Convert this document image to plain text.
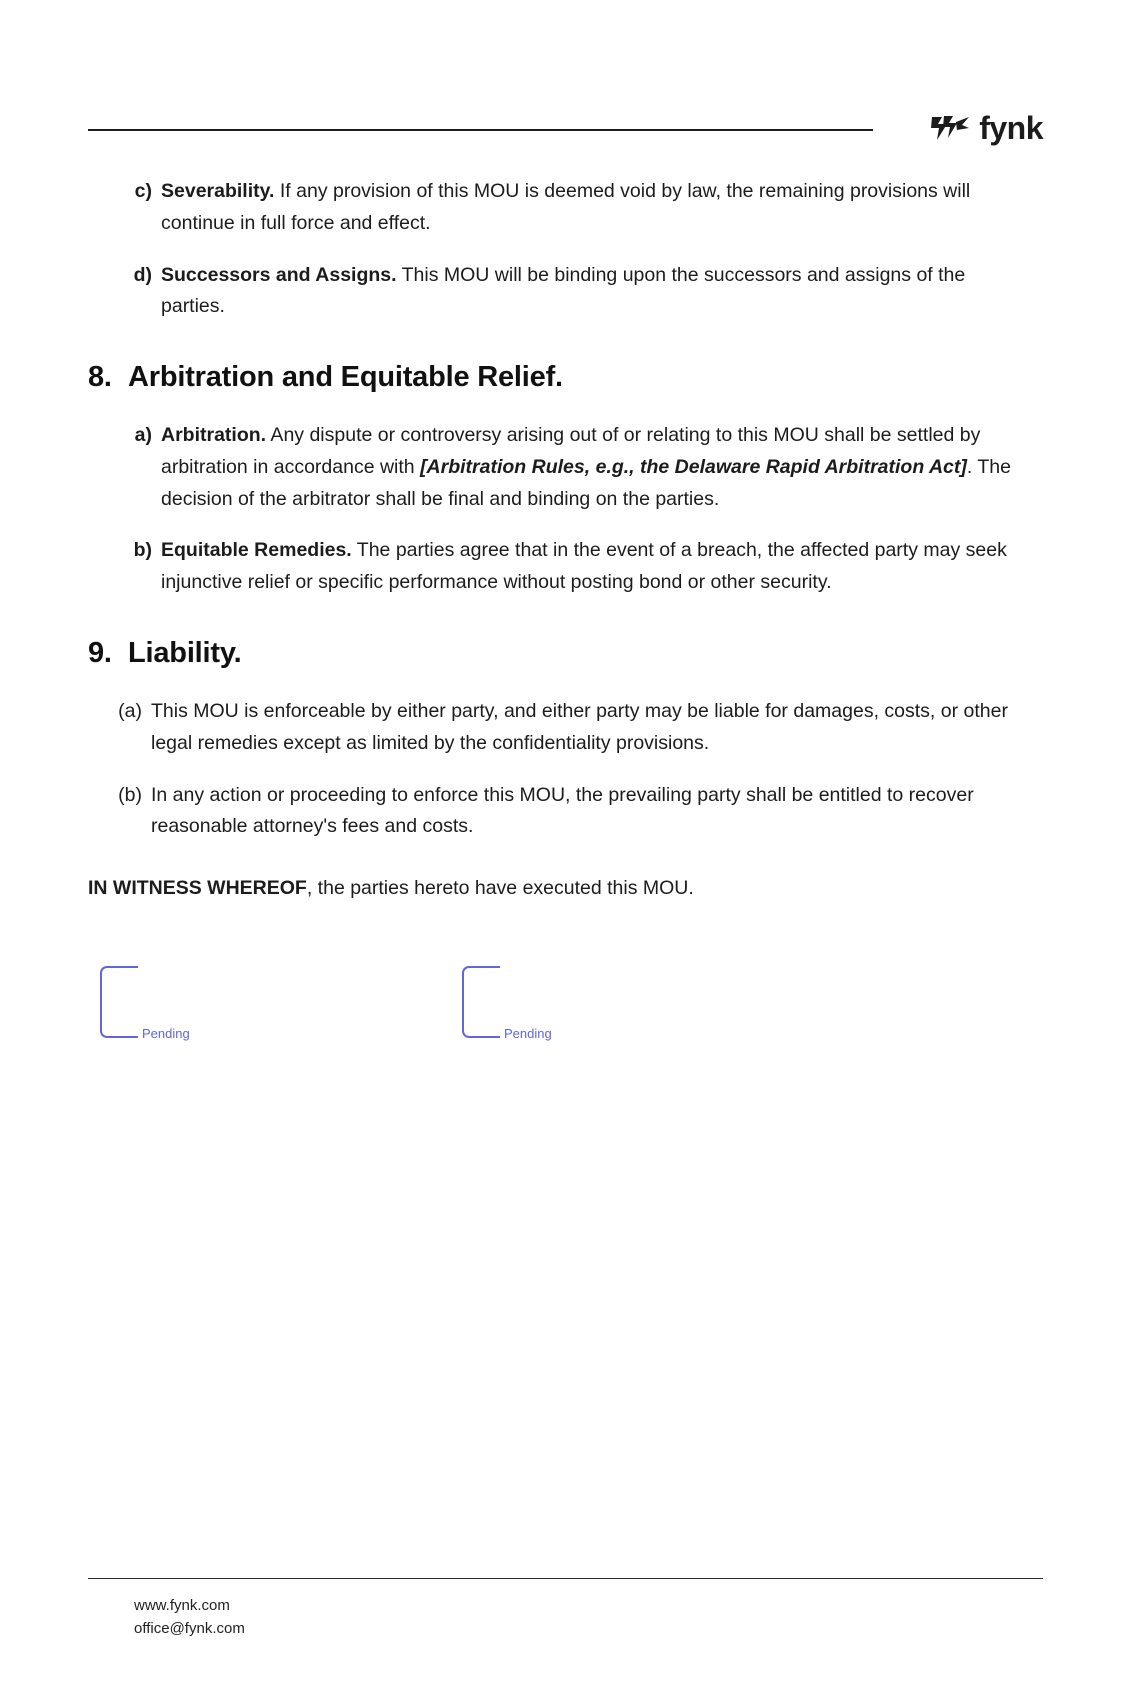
fynk
c) Severability. If any provision of this MOU is deemed void by law, the remaining provisions will continue in full force and effect.
d) Successors and Assigns. This MOU will be binding upon the successors and assigns of the parties.
8. Arbitration and Equitable Relief.
a) Arbitration. Any dispute or controversy arising out of or relating to this MOU shall be settled by arbitration in accordance with [Arbitration Rules, e.g., the Delaware Rapid Arbitration Act]. The decision of the arbitrator shall be final and binding on the parties.
b) Equitable Remedies. The parties agree that in the event of a breach, the affected party may seek injunctive relief or specific performance without posting bond or other security.
9. Liability.
(a) This MOU is enforceable by either party, and either party may be liable for damages, costs, or other legal remedies except as limited by the confidentiality provisions.
(b) In any action or proceeding to enforce this MOU, the prevailing party shall be entitled to recover reasonable attorney's fees and costs.

IN WITNESS WHEREOF, the parties hereto have executed this MOU.

Pending	Pending
www.fynk.com
office@fynk.com
